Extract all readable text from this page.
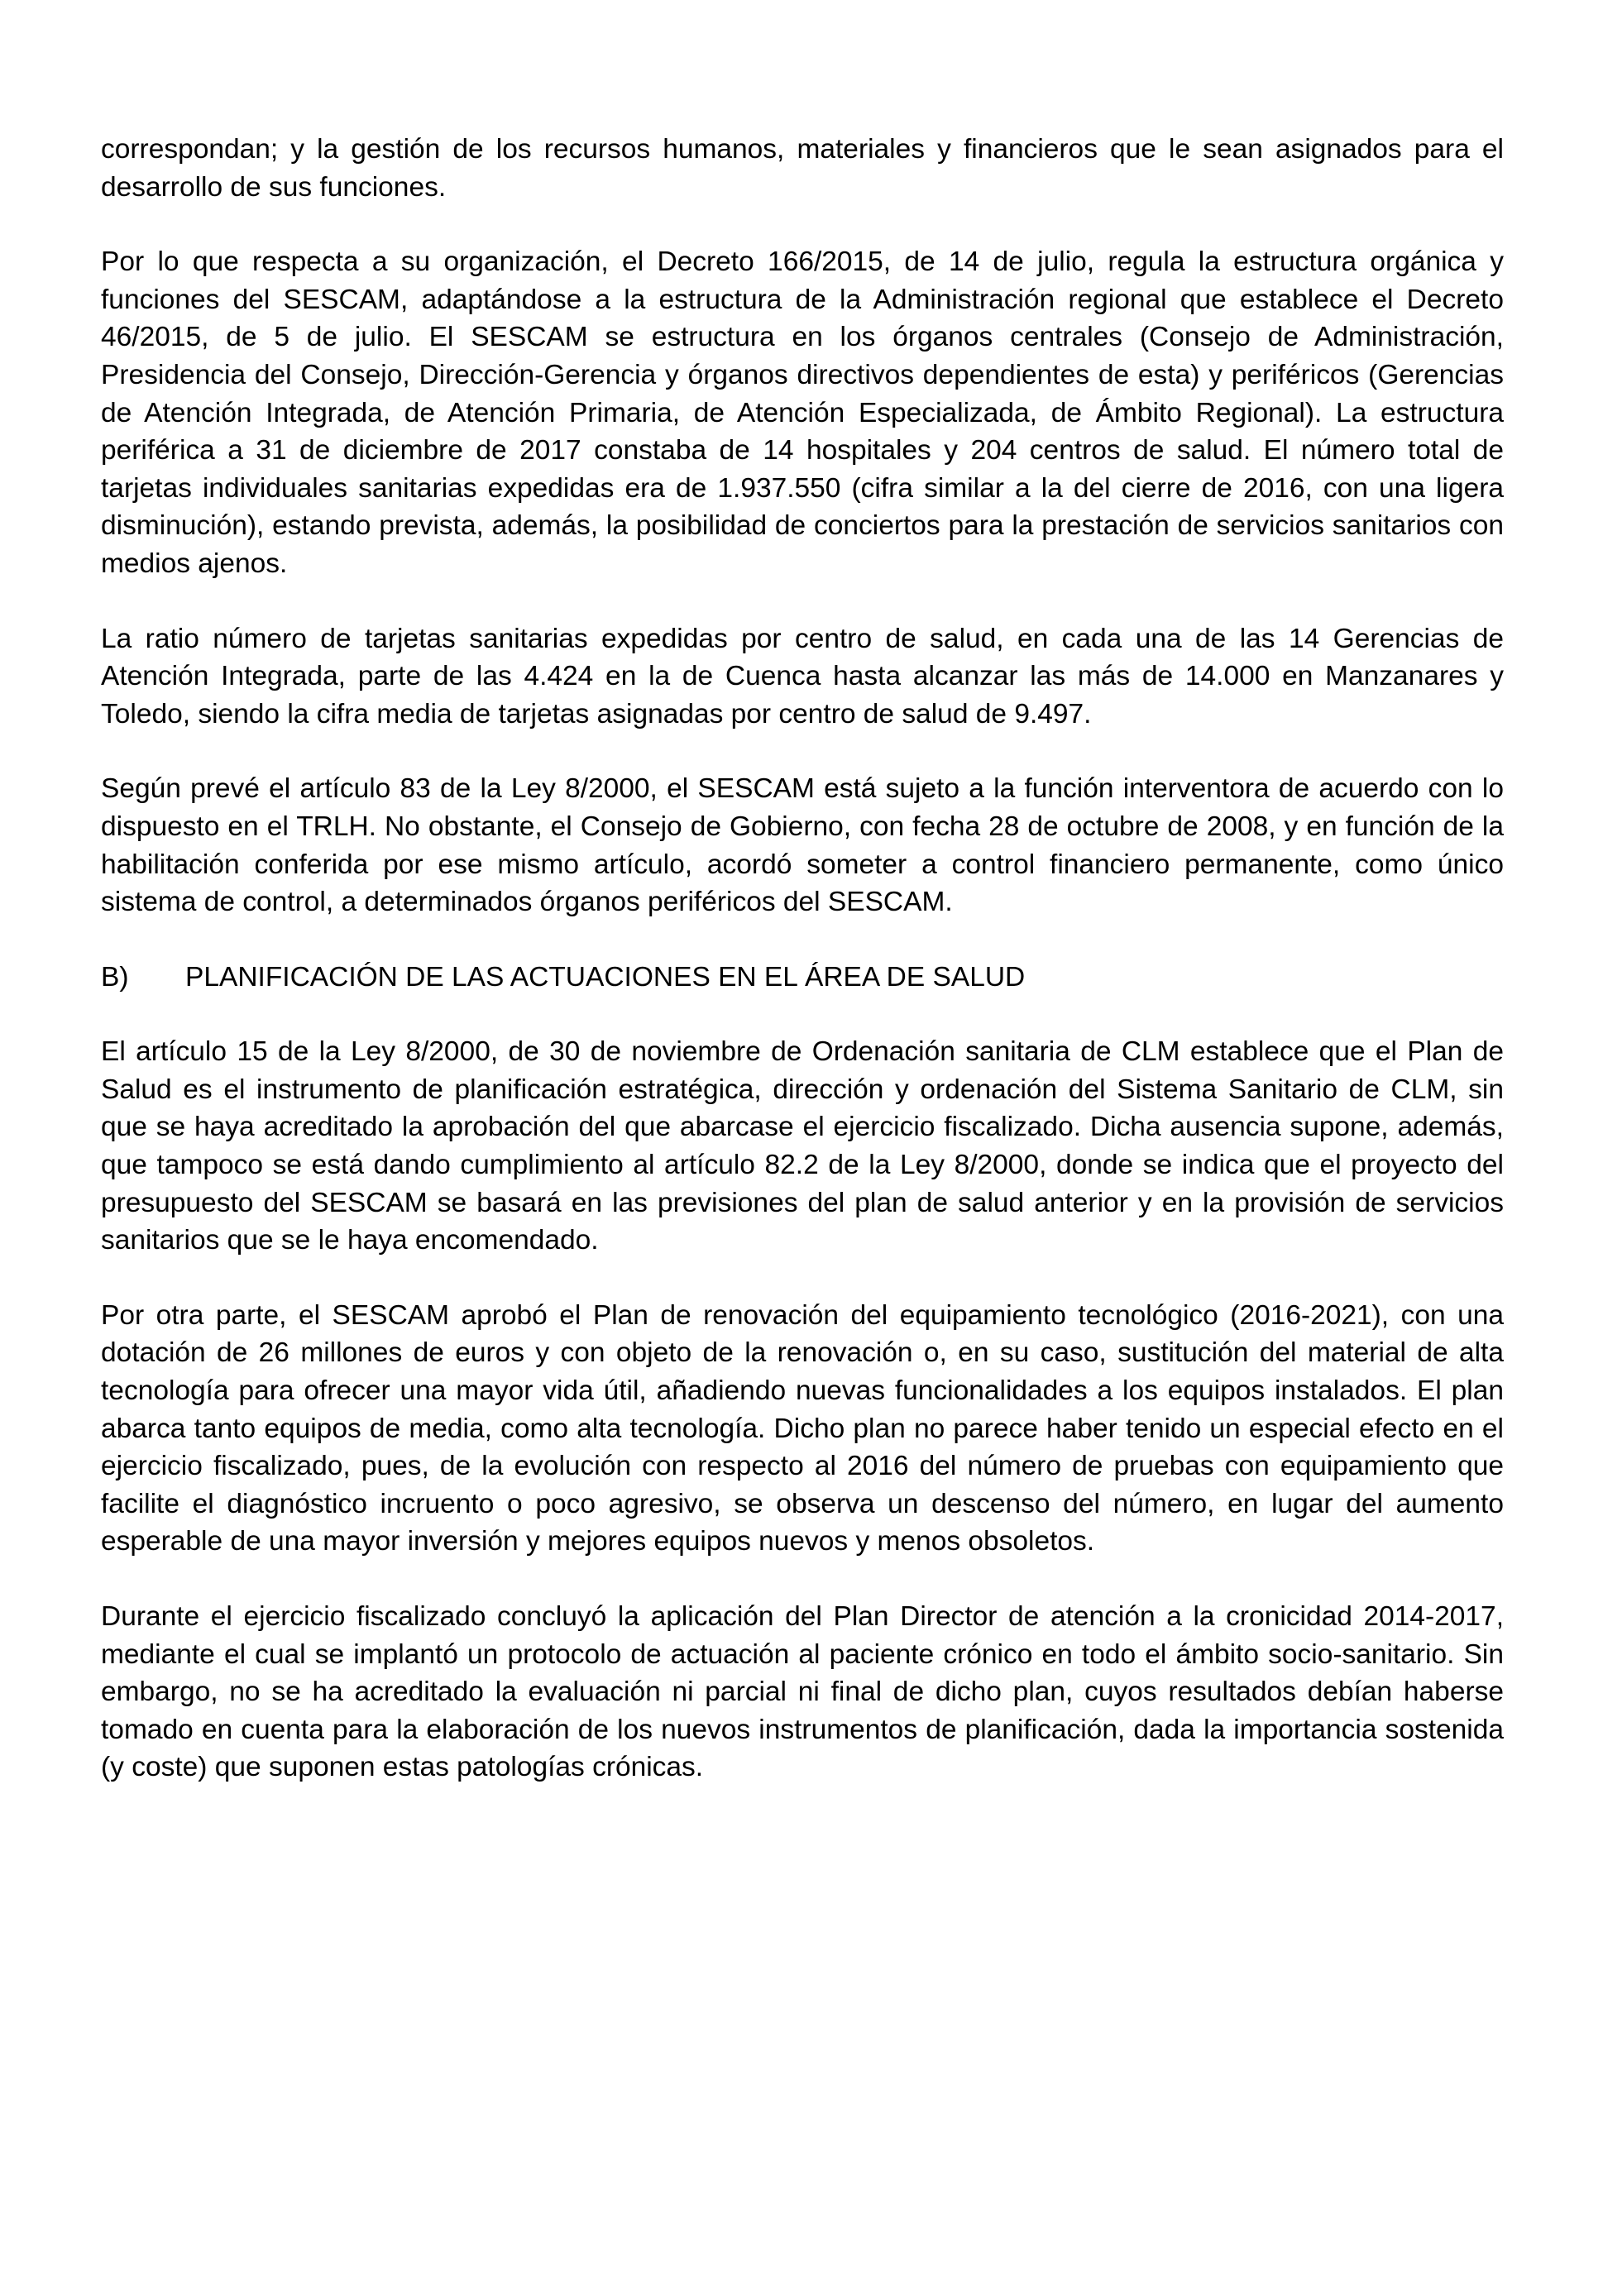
correspondan; y la gestión de los recursos humanos, materiales y financieros que le sean asignados para el desarrollo de sus funciones.

Por lo que respecta a su organización, el Decreto 166/2015, de 14 de julio, regula la estructura orgánica y funciones del SESCAM, adaptándose a la estructura de la Administración regional que establece el Decreto 46/2015, de 5 de julio. El SESCAM se estructura en los órganos centrales (Consejo de Administración, Presidencia del Consejo, Dirección-Gerencia y órganos directivos dependientes de esta) y periféricos (Gerencias de Atención Integrada, de Atención Primaria, de Atención Especializada, de Ámbito Regional). La estructura periférica a 31 de diciembre de 2017 constaba de 14 hospitales y 204 centros de salud. El número total de tarjetas individuales sanitarias expedidas era de 1.937.550 (cifra similar a la del cierre de 2016, con una ligera disminución), estando prevista, además, la posibilidad de conciertos para la prestación de servicios sanitarios con medios ajenos.

La ratio número de tarjetas sanitarias expedidas por centro de salud, en cada una de las 14 Gerencias de Atención Integrada, parte de las 4.424 en la de Cuenca hasta alcanzar las más de 14.000 en Manzanares y Toledo, siendo la cifra media de tarjetas asignadas por centro de salud de 9.497.

Según prevé el artículo 83 de la Ley 8/2000, el SESCAM está sujeto a la función interventora de acuerdo con lo dispuesto en el TRLH. No obstante, el Consejo de Gobierno, con fecha 28 de octubre de 2008, y en función de la habilitación conferida por ese mismo artículo, acordó someter a control financiero permanente, como único sistema de control, a determinados órganos periféricos del SESCAM.

B)	PLANIFICACIÓN DE LAS ACTUACIONES EN EL ÁREA DE SALUD

El artículo 15 de la Ley 8/2000, de 30 de noviembre de Ordenación sanitaria de CLM establece que el Plan de Salud es el instrumento de planificación estratégica, dirección y ordenación del Sistema Sanitario de CLM, sin que se haya acreditado la aprobación del que abarcase el ejercicio fiscalizado. Dicha ausencia supone, además, que tampoco se está dando cumplimiento al artículo 82.2 de la Ley 8/2000, donde se indica que el proyecto del presupuesto del SESCAM se basará en las previsiones del plan de salud anterior y en la provisión de servicios sanitarios que se le haya encomendado.

Por otra parte, el SESCAM aprobó el Plan de renovación del equipamiento tecnológico (2016-2021), con una dotación de 26 millones de euros y con objeto de la renovación o, en su caso, sustitución del material de alta tecnología para ofrecer una mayor vida útil, añadiendo nuevas funcionalidades a los equipos instalados. El plan abarca tanto equipos de media, como alta tecnología. Dicho plan no parece haber tenido un especial efecto en el ejercicio fiscalizado, pues, de la evolución con respecto al 2016 del número de pruebas con equipamiento que facilite el diagnóstico incruento o poco agresivo, se observa un descenso del número, en lugar del aumento esperable de una mayor inversión y mejores equipos nuevos y menos obsoletos.

Durante el ejercicio fiscalizado concluyó la aplicación del Plan Director de atención a la cronicidad 2014-2017, mediante el cual se implantó un protocolo de actuación al paciente crónico en todo el ámbito socio-sanitario. Sin embargo, no se ha acreditado la evaluación ni parcial ni final de dicho plan, cuyos resultados debían haberse tomado en cuenta para la elaboración de los nuevos instrumentos de planificación, dada la importancia sostenida (y coste) que suponen estas patologías crónicas.
